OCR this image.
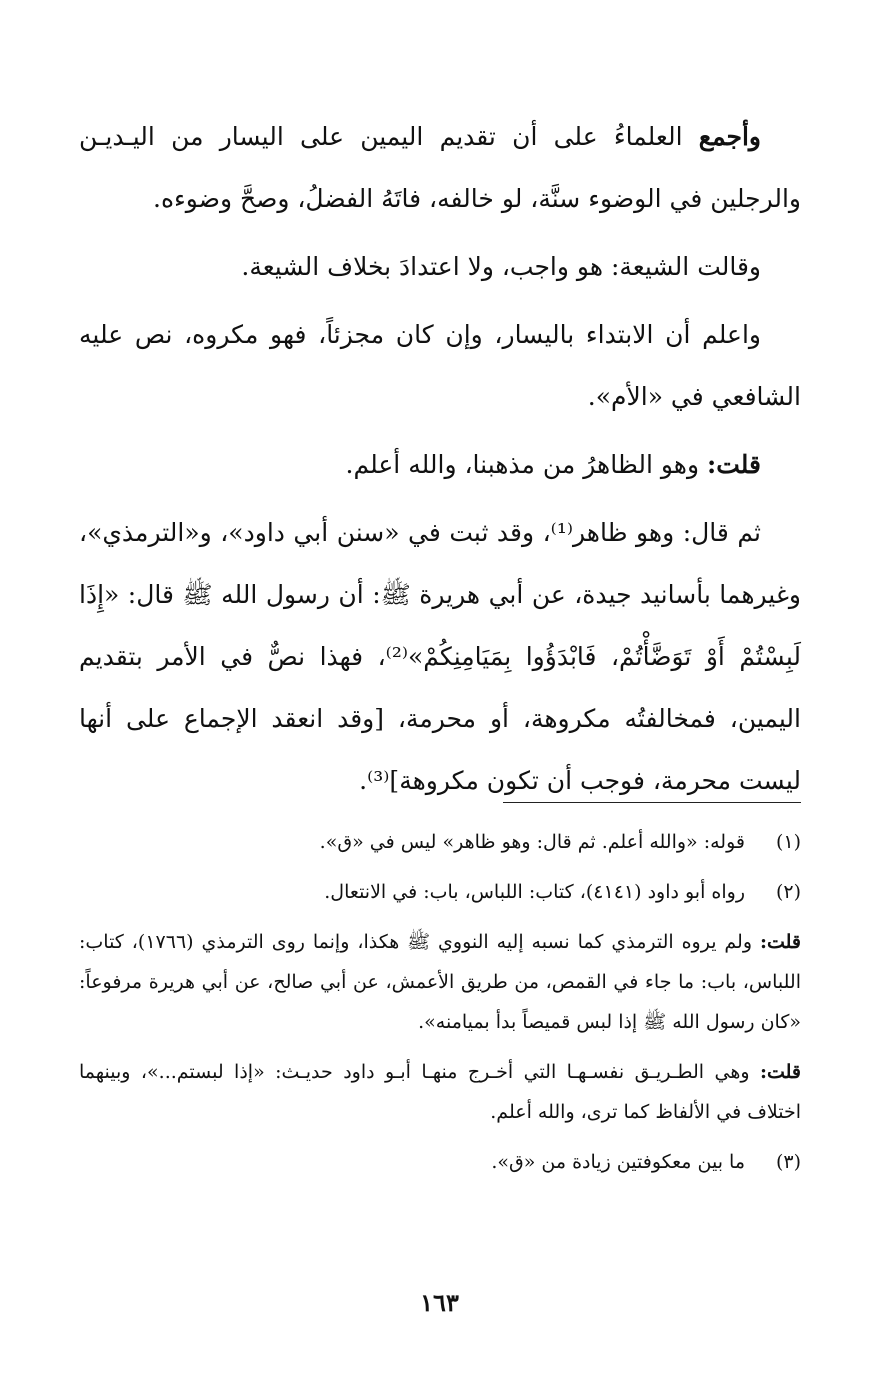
وأجمع العلماءُ على أن تقديم اليمين على اليسار من اليـديـن والرجلين في الوضوء سنَّة، لو خالفه، فاتَهُ الفضلُ، وصحَّ وضوءه.

وقالت الشيعة: هو واجب، ولا اعتدادَ بخلاف الشيعة.

واعلم أن الابتداء باليسار، وإن كان مجزئاً، فهو مكروه، نص عليه الشافعي في «الأم».

قلت: وهو الظاهرُ من مذهبنا، والله أعلم.

ثم قال: وهو ظاهر⁽¹⁾، وقد ثبت في «سنن أبي داود»، و«الترمذي»، وغيرهما بأسانيد جيدة، عن أبي هريرة ﷺ: أن رسول الله ﷺ قال: «إِذَا لَبِسْتُمْ أَوْ تَوَضَّأْتُمْ، فَابْدَؤُوا بِمَيَامِنِكُمْ»⁽²⁾، فهذا نصٌّ في الأمر بتقديم اليمين، فمخالفتُه مكروهة، أو محرمة، [وقد انعقد الإجماع على أنها ليست محرمة، فوجب أن تكون مكروهة]⁽³⁾.

(١)قوله: «والله أعلم. ثم قال: وهو ظاهر» ليس في «ق».

(٢)رواه أبو داود (٤١٤١)، كتاب: اللباس، باب: في الانتعال.

قلت: ولم يروه الترمذي كما نسبه إليه النووي ﷺ هكذا، وإنما روى الترمذي (١٧٦٦)، كتاب: اللباس، باب: ما جاء في القمص، من طريق الأعمش، عن أبي صالح، عن أبي هريرة مرفوعاً: «كان رسول الله ﷺ إذا لبس قميصاً بدأ بميامنه».

قلت: وهي الطـريـق نفسـهـا التي أخـرج منهـا أبـو داود حديـث: «إذا لبستم...»، وبينهما اختلاف في الألفاظ كما ترى، والله أعلم.

(٣)ما بين معكوفتين زيادة من «ق».

١٦٣
